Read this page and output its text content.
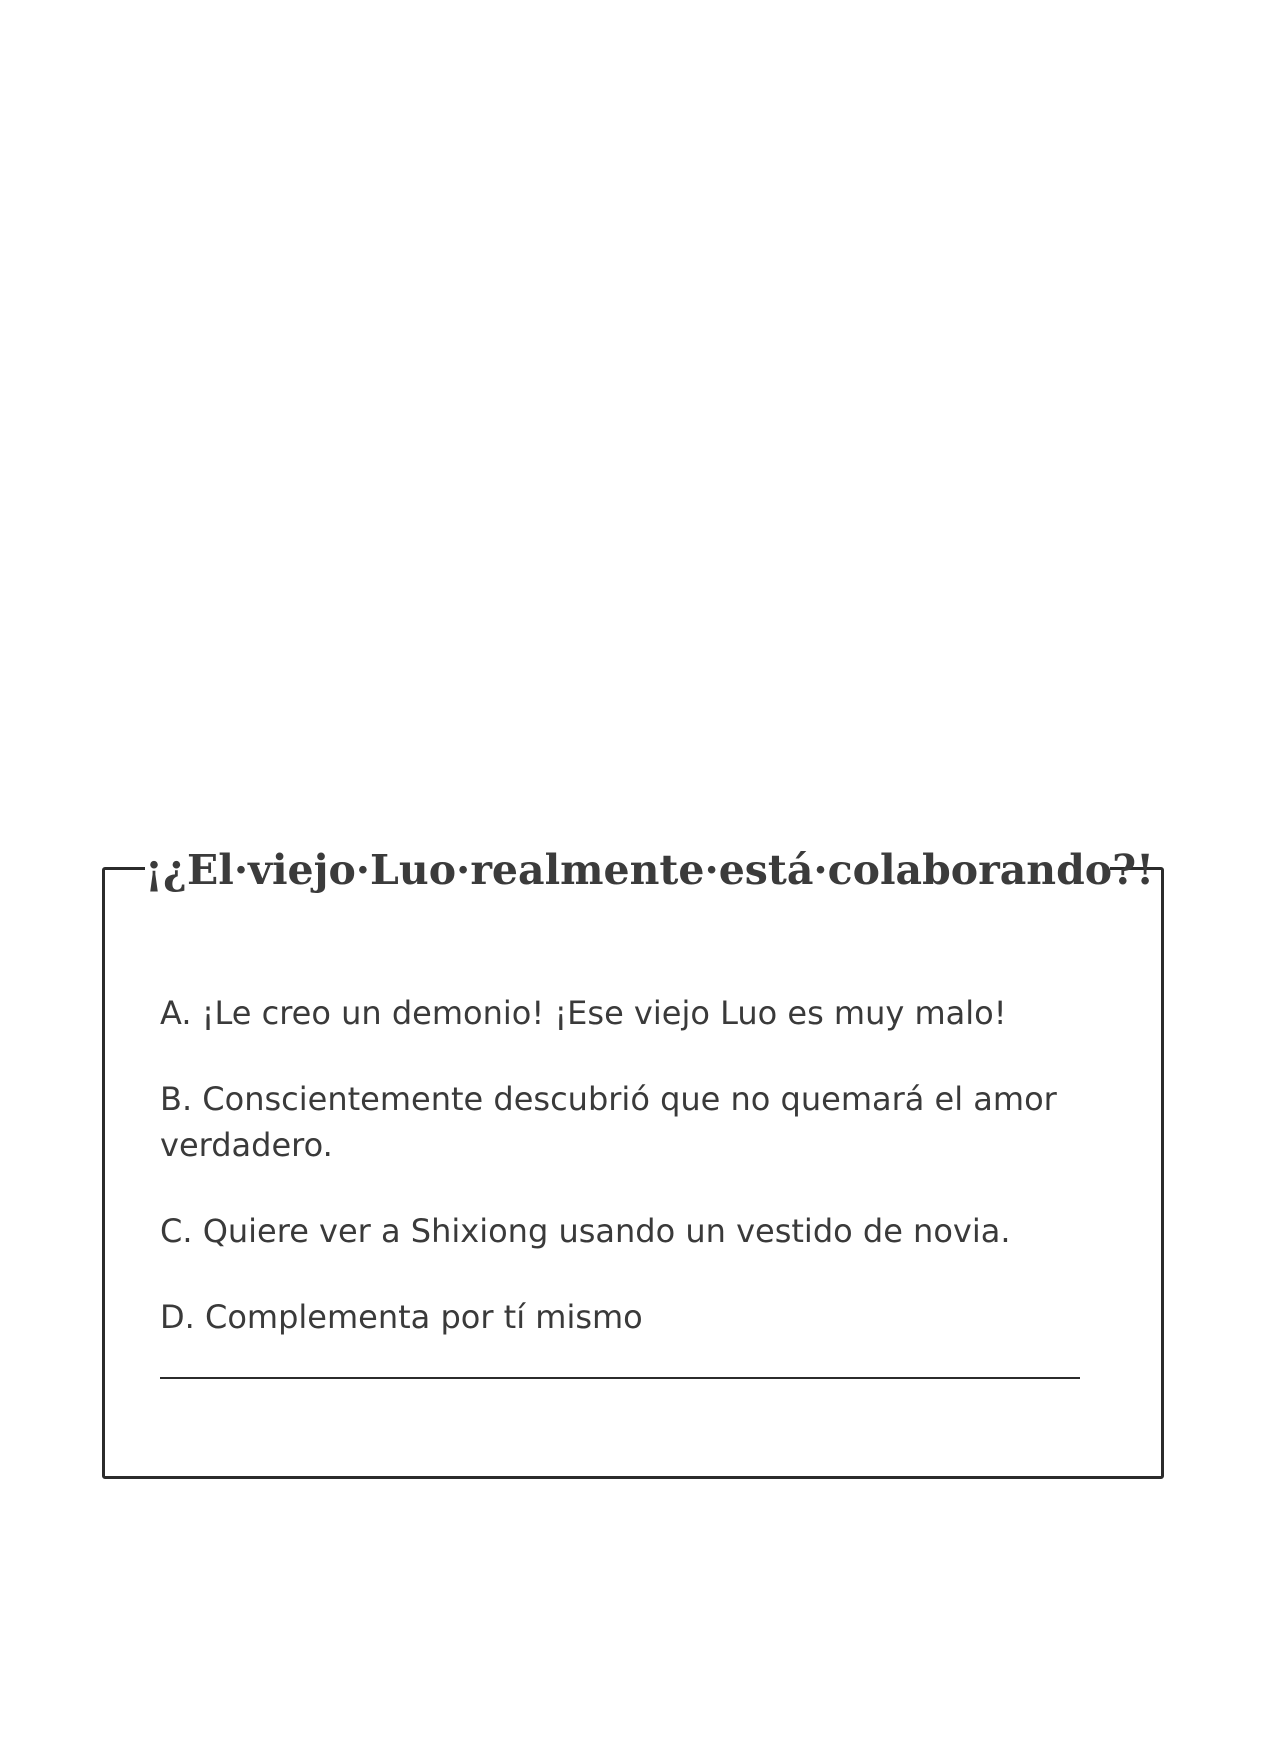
¡¿El·viejo·Luo·realmente·está·colaborando?!
A. ¡Le creo un demonio! ¡Ese viejo Luo es muy malo!
B. Conscientemente descubrió que no quemará el amor verdadero.
C. Quiere ver a Shixiong usando un vestido de novia.
D. Complementa por tí mismo
